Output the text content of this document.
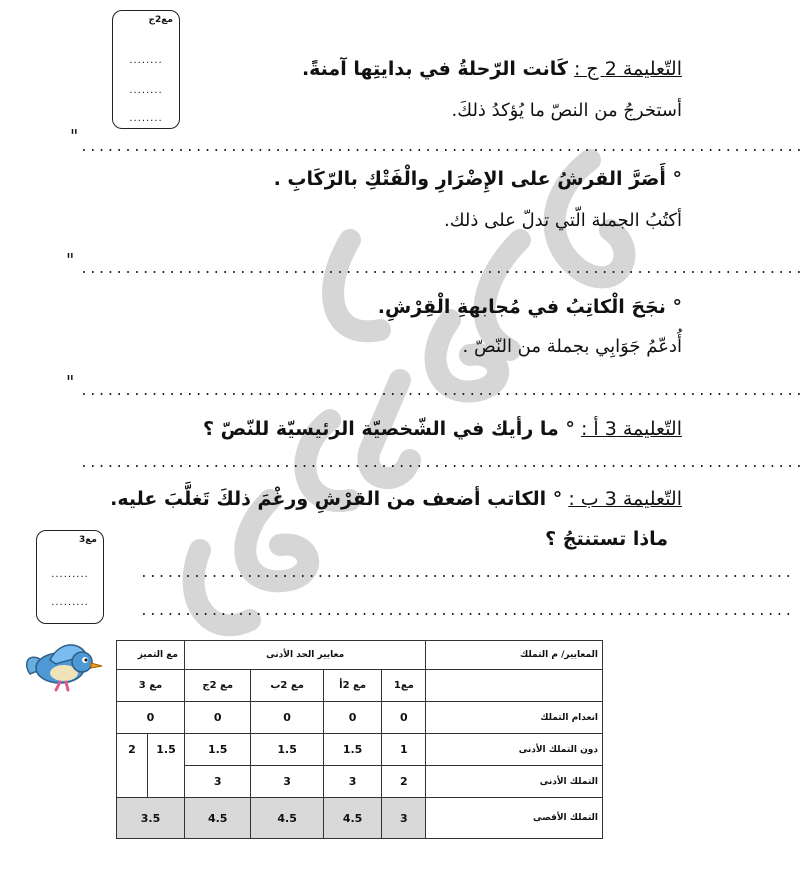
مع2ج
........
........
........
مع3
.........
.........
التّعليمة 2 ج : كَانت الرّحلةُ في بدايتِها آمنةً.
أستخرجُ من النصّ ما يُؤكدُ ذلكَ.
..................................................................................
"
° أَصَرَّ القرشُ على الإِضْرَارِ والْفَتْكِ بالرّكَابِ .
أكتُبُ الجملة الّتي تدلّ على ذلك.
..................................................................................
"
° نجَحَ الْكاتِبُ في مُجابهةِ الْقِرْشِ.
أُدعّمُ جَوَابِي بجملة من النّصّ .
..................................................................................
"
التّعليمة 3 أ : ° ما رأيك في الشّخصيّة الرئيسيّة للنّصّ ؟
..................................................................................
التّعليمة 3 ب : ° الكاتب أضعف من القرْشِ ورغْمَ ذلكَ تَغلَّبَ عليه.
ماذا تستنتجُ ؟
..........................................................................
..........................................................................
مع التميز		معايير الحد الأدنى				المعايير/ م التملك
مع 3		مع 2ج	مع 2ب	مع 2أ	مع1	
0		0	0	0	0	انعدام التملك
2	1.5	1.5	1.5	1.5	1	دون التملك الأدنى
		3	3	3	2	التملك الأدنى
3.5		4.5	4.5	4.5	3	التملك الأقصى
